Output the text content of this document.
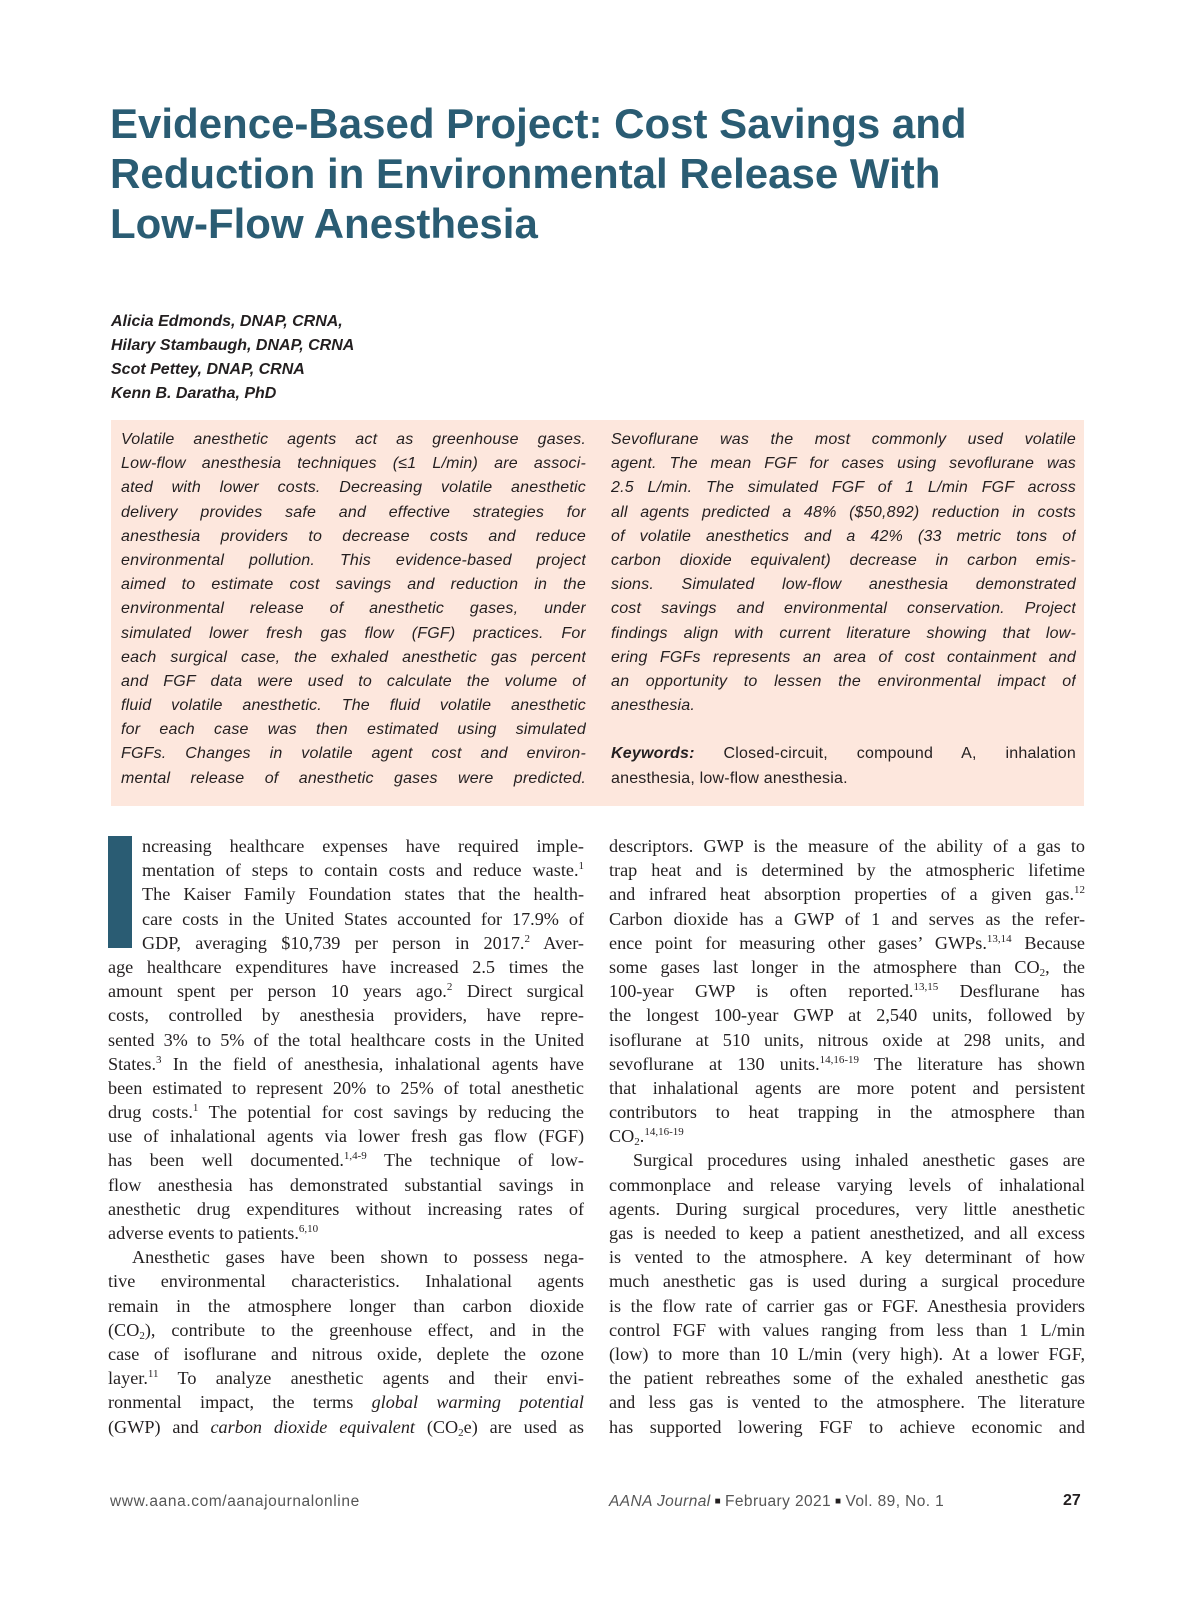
Evidence-Based Project: Cost Savings and
Reduction in Environmental Release With
Low-Flow Anesthesia
Alicia Edmonds, DNAP, CRNA,
Hilary Stambaugh, DNAP, CRNA
Scot Pettey, DNAP, CRNA
Kenn B. Daratha, PhD
Volatile anesthetic agents act as greenhouse gases.
Low-flow anesthesia techniques (≤1 L/min) are associ-
ated with lower costs. Decreasing volatile anesthetic
delivery provides safe and effective strategies for
anesthesia providers to decrease costs and reduce
environmental pollution. This evidence-based project
aimed to estimate cost savings and reduction in the
environmental release of anesthetic gases, under
simulated lower fresh gas flow (FGF) practices. For
each surgical case, the exhaled anesthetic gas percent
and FGF data were used to calculate the volume of
fluid volatile anesthetic. The fluid volatile anesthetic
for each case was then estimated using simulated
FGFs. Changes in volatile agent cost and environ-
mental release of anesthetic gases were predicted.
Sevoflurane was the most commonly used volatile
agent. The mean FGF for cases using sevoflurane was
2.5 L/min. The simulated FGF of 1 L/min FGF across
all agents predicted a 48% ($50,892) reduction in costs
of volatile anesthetics and a 42% (33 metric tons of
carbon dioxide equivalent) decrease in carbon emis-
sions. Simulated low-flow anesthesia demonstrated
cost savings and environmental conservation. Project
findings align with current literature showing that low-
ering FGFs represents an area of cost containment and
an opportunity to lessen the environmental impact of
anesthesia.
Keywords: Closed-circuit, compound A, inhalation
anesthesia, low-flow anesthesia.
ncreasing healthcare expenses have required imple-
mentation of steps to contain costs and reduce waste.$^1$
The Kaiser Family Foundation states that the health-
care costs in the United States accounted for 17.9% of
GDP, averaging $10,739 per person in 2017.$^2$ Aver-
age healthcare expenditures have increased 2.5 times the
amount spent per person 10 years ago.$^2$ Direct surgical
costs, controlled by anesthesia providers, have repre-
sented 3% to 5% of the total healthcare costs in the United
States.$^3$ In the field of anesthesia, inhalational agents have
been estimated to represent 20% to 25% of total anesthetic
drug costs.$^1$ The potential for cost savings by reducing the
use of inhalational agents via lower fresh gas flow (FGF)
has been well documented.$^{1,4-9}$ The technique of low-
flow anesthesia has demonstrated substantial savings in
anesthetic drug expenditures without increasing rates of
adverse events to patients.$^{6,10}$
Anesthetic gases have been shown to possess nega-
tive environmental characteristics. Inhalational agents
remain in the atmosphere longer than carbon dioxide
$(CO_2)$, contribute to the greenhouse effect, and in the
case of isoflurane and nitrous oxide, deplete the ozone
layer.$^{11}$ To analyze anesthetic agents and their envi-
ronmental impact, the terms global warming potential
(GWP) and carbon dioxide equivalent $(CO_2e)$ are used as
descriptors. GWP is the measure of the ability of a gas to
trap heat and is determined by the atmospheric lifetime
and infrared heat absorption properties of a given gas.$^{12}$
Carbon dioxide has a GWP of 1 and serves as the refer-
ence point for measuring other gases’ GWPs.$^{13,14}$ Because
some gases last longer in the atmosphere than $CO_2$, the
100-year GWP is often reported.$^{13,15}$ Desflurane has
the longest 100-year GWP at 2,540 units, followed by
isoflurane at 510 units, nitrous oxide at 298 units, and
sevoflurane at 130 units.$^{14,16-19}$ The literature has shown
that inhalational agents are more potent and persistent
contributors to heat trapping in the atmosphere than
$CO_2.^{14,16-19}$
Surgical procedures using inhaled anesthetic gases are
commonplace and release varying levels of inhalational
agents. During surgical procedures, very little anesthetic
gas is needed to keep a patient anesthetized, and all excess
is vented to the atmosphere. A key determinant of how
much anesthetic gas is used during a surgical procedure
is the flow rate of carrier gas or FGF. Anesthesia providers
control FGF with values ranging from less than 1 L/min
(low) to more than 10 L/min (very high). At a lower FGF,
the patient rebreathes some of the exhaled anesthetic gas
and less gas is vented to the atmosphere. The literature
has supported lowering FGF to achieve economic and
www.aana.com/aanajournalonline	AANA Journal ■ February 2021 ■ Vol. 89, No. 1	27
